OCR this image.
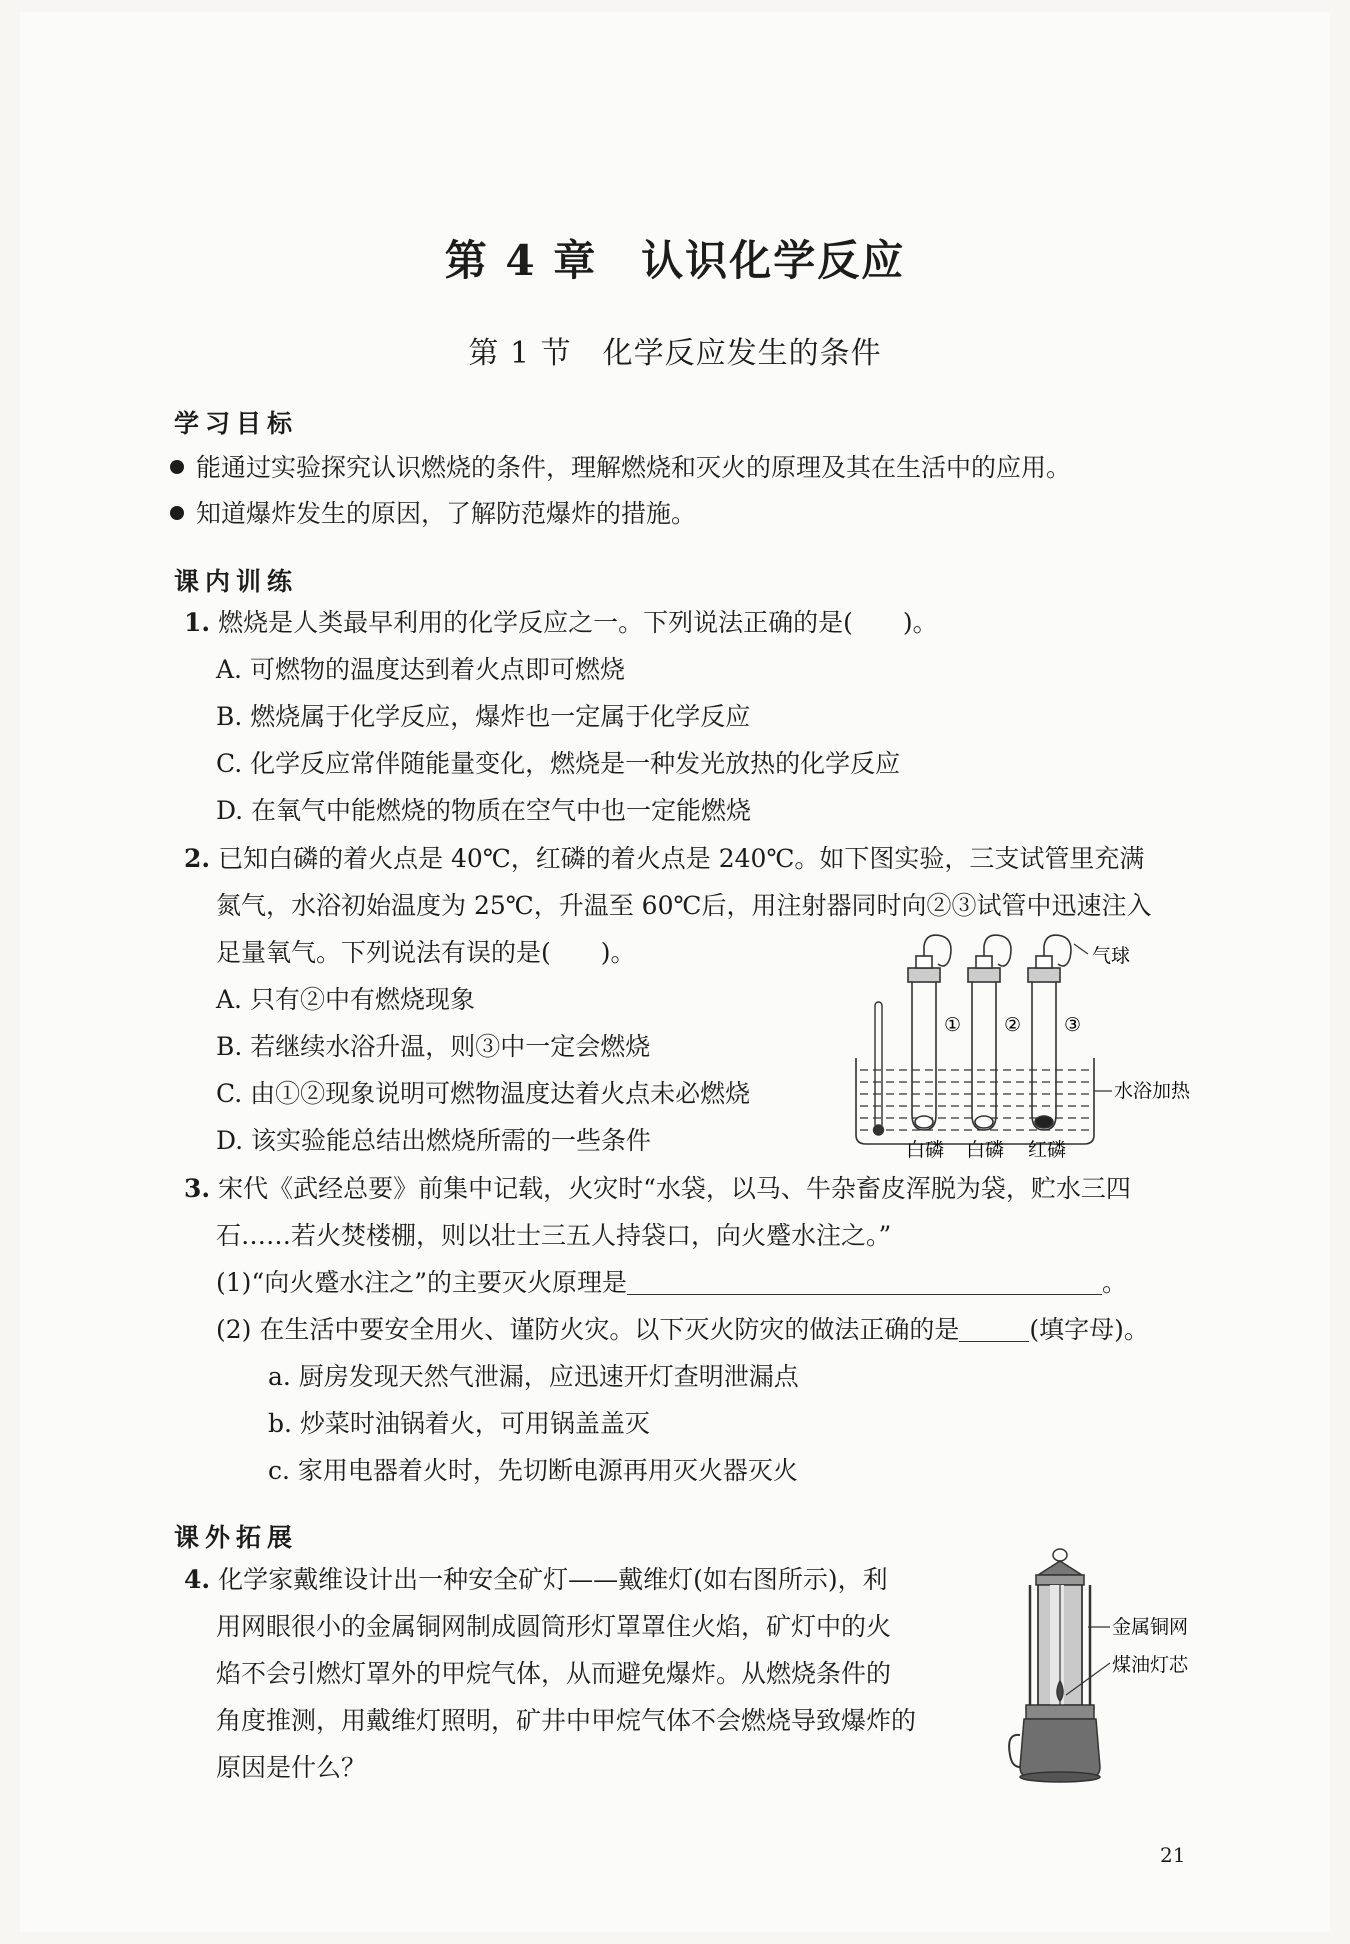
第 4 章　认识化学反应
第 1 节　化学反应发生的条件
学习目标
能通过实验探究认识燃烧的条件，理解燃烧和灭火的原理及其在生活中的应用。
知道爆炸发生的原因，了解防范爆炸的措施。
课内训练
1. 燃烧是人类最早利用的化学反应之一。下列说法正确的是(　　)。
A. 可燃物的温度达到着火点即可燃烧
B. 燃烧属于化学反应，爆炸也一定属于化学反应
C. 化学反应常伴随能量变化，燃烧是一种发光放热的化学反应
D. 在氧气中能燃烧的物质在空气中也一定能燃烧
2. 已知白磷的着火点是 40℃，红磷的着火点是 240℃。如下图实验，三支试管里充满
氮气，水浴初始温度为 25℃，升温至 60℃后，用注射器同时向②③试管中迅速注入
足量氧气。下列说法有误的是(　　)。
A. 只有②中有燃烧现象
B. 若继续水浴升温，则③中一定会燃烧
C. 由①②现象说明可燃物温度达着火点未必燃烧
D. 该实验能总结出燃烧所需的一些条件
气球
水浴加热
① ② ③
白磷 白磷 红磷
3. 宋代《武经总要》前集中记载，火灾时“水袋，以马、牛杂畜皮浑脱为袋，贮水三四
石……若火焚楼棚，则以壮士三五人持袋口，向火蹙水注之。”
(1)“向火蹙水注之”的主要灭火原理是	。
(2) 在生活中要安全用火、谨防火灾。以下灭火防灾的做法正确的是	(填字母)。
a. 厨房发现天然气泄漏，应迅速开灯查明泄漏点
b. 炒菜时油锅着火，可用锅盖盖灭
c. 家用电器着火时，先切断电源再用灭火器灭火
课外拓展
4. 化学家戴维设计出一种安全矿灯——戴维灯(如右图所示)，利
用网眼很小的金属铜网制成圆筒形灯罩罩住火焰，矿灯中的火
焰不会引燃灯罩外的甲烷气体，从而避免爆炸。从燃烧条件的
角度推测，用戴维灯照明，矿井中甲烷气体不会燃烧导致爆炸的
原因是什么？
金属铜网
煤油灯芯
21
